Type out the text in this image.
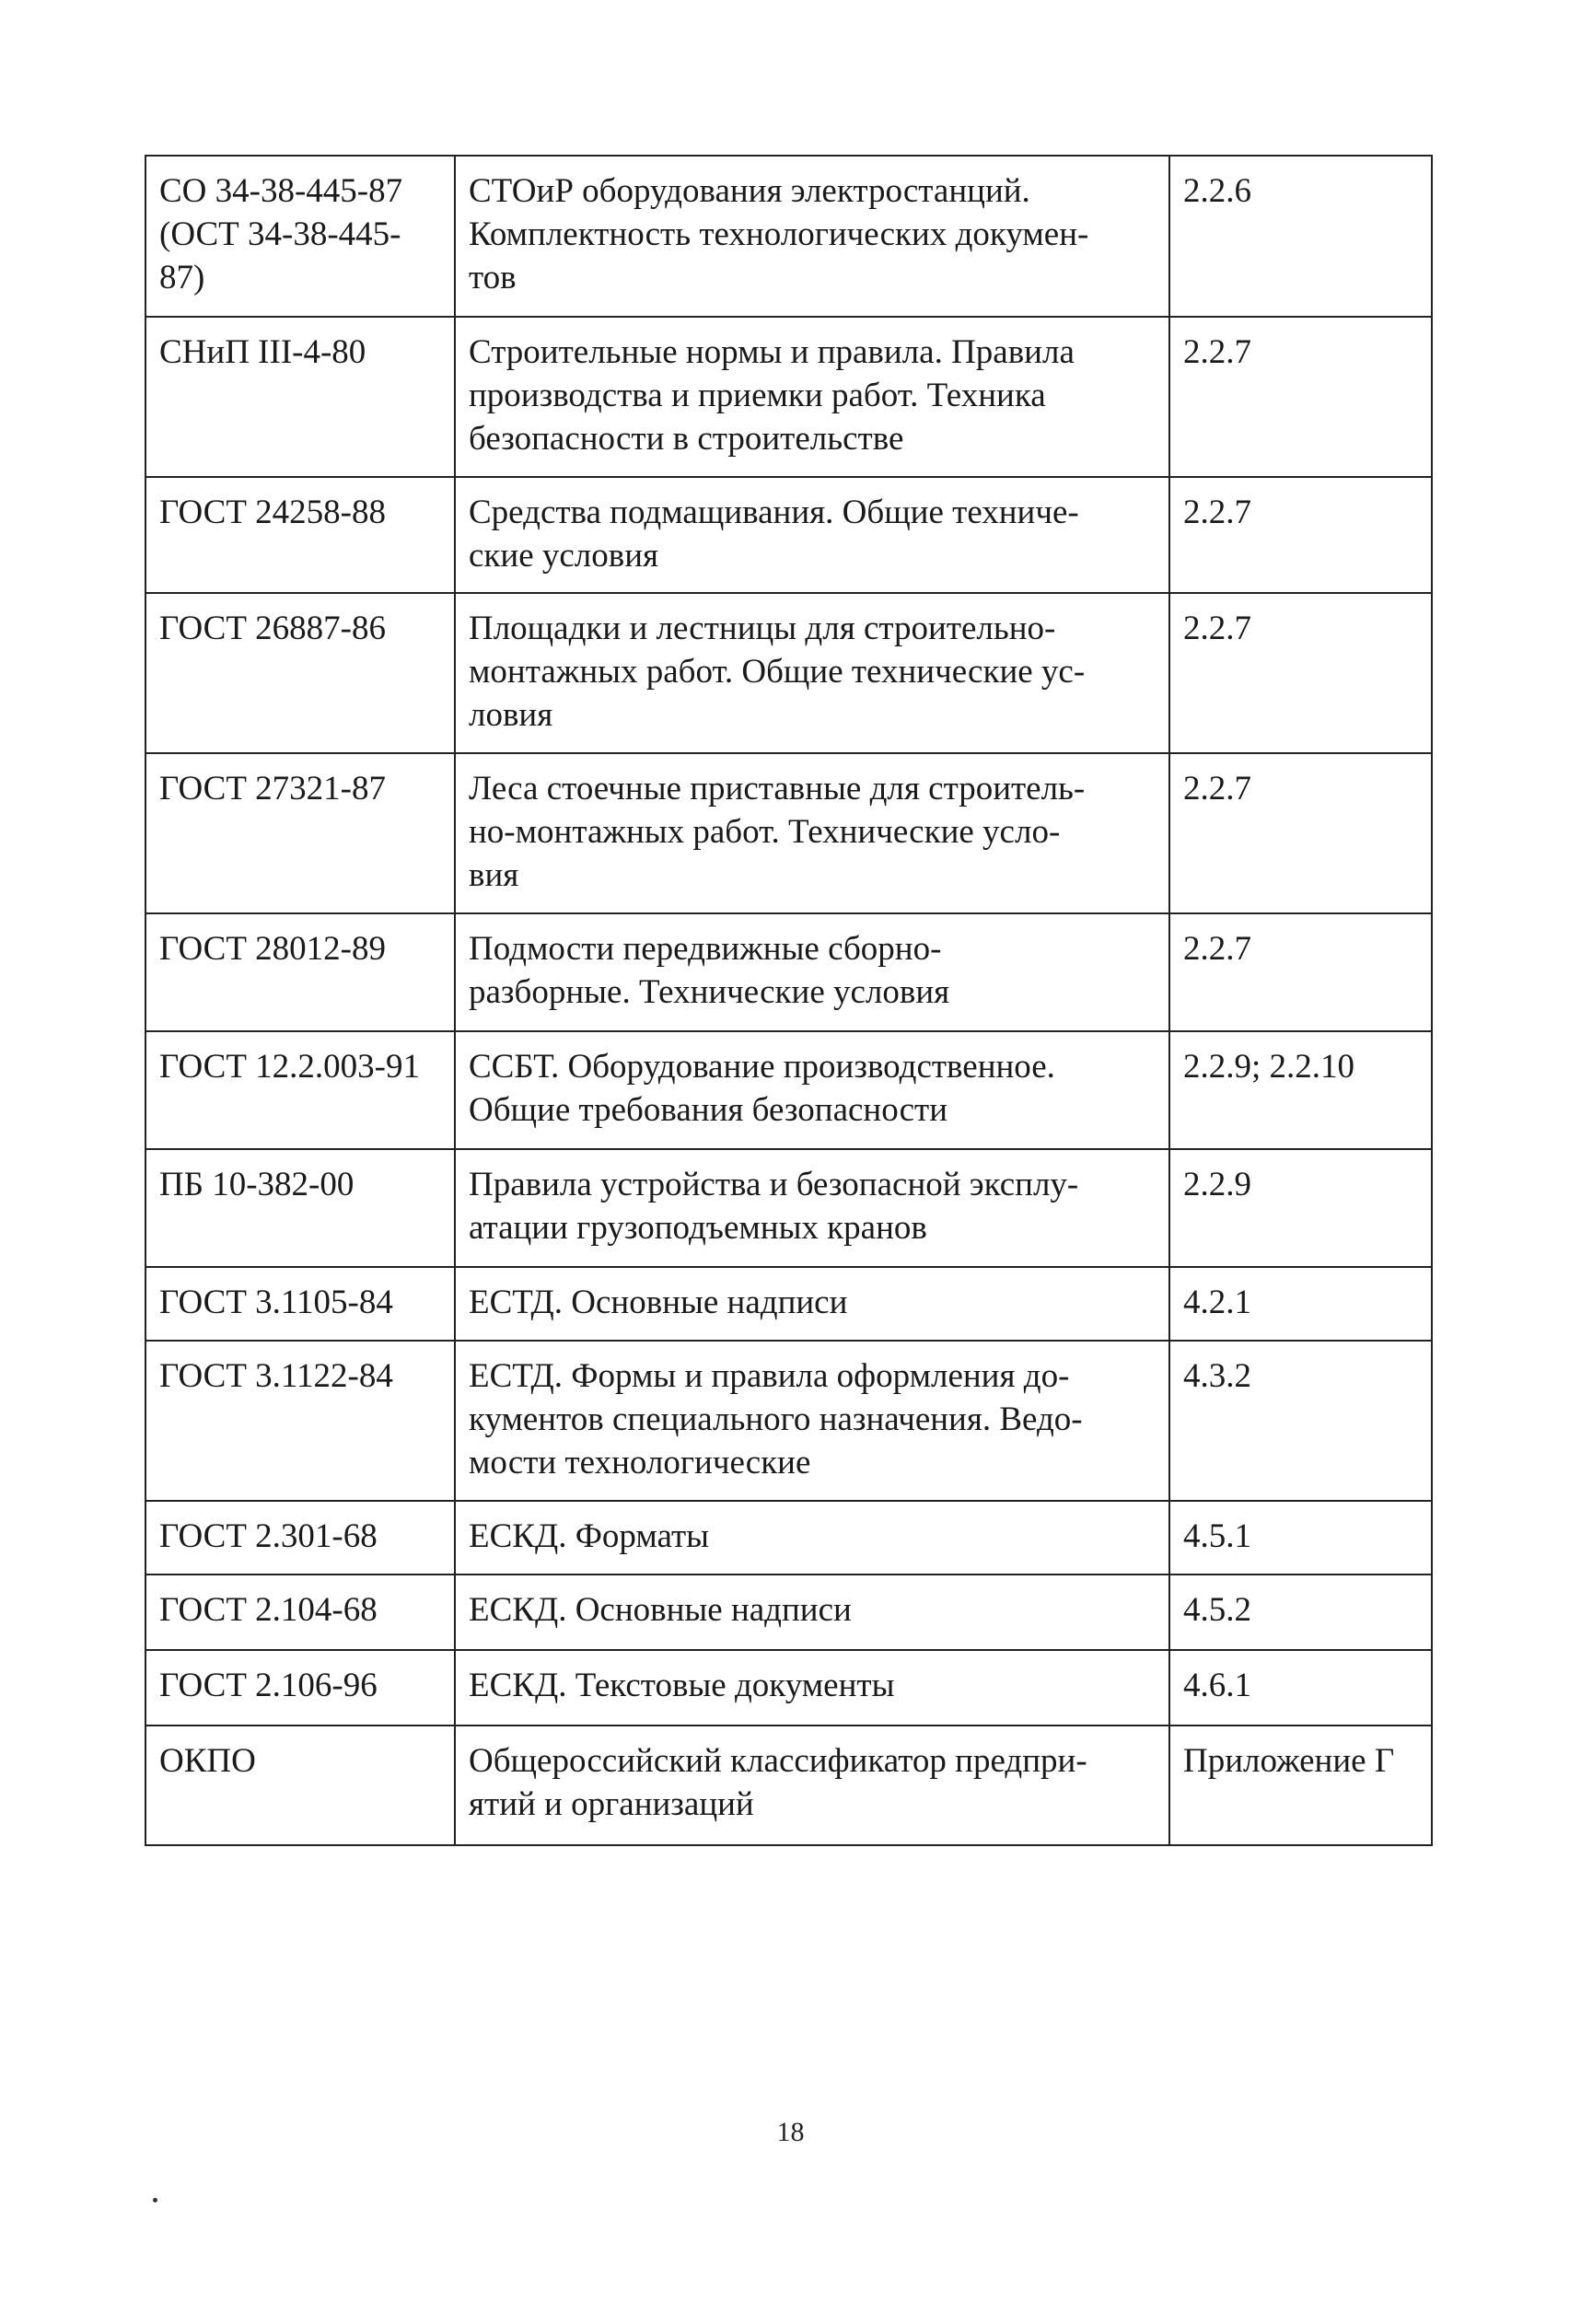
СО 34-38-445-87
(ОСТ 34-38-445-
87)	СТОиР оборудования электростанций.
Комплектность технологических докумен-
тов	2.2.6

СНиП III-4-80	Строительные нормы и правила. Правила
производства и приемки работ. Техника
безопасности в строительстве	2.2.7

ГОСТ 24258-88	Средства подмащивания. Общие техниче-
ские условия	2.2.7

ГОСТ 26887-86	Площадки и лестницы для строительно-
монтажных работ. Общие технические ус-
ловия	2.2.7

ГОСТ 27321-87	Леса стоечные приставные для строитель-
но-монтажных работ. Технические усло-
вия	2.2.7

ГОСТ 28012-89	Подмости передвижные сборно-
разборные. Технические условия	2.2.7

ГОСТ 12.2.003-91	ССБТ. Оборудование производственное.
Общие требования безопасности	2.2.9; 2.2.10

ПБ 10-382-00	Правила устройства и безопасной эксплу-
атации грузоподъемных кранов	2.2.9

ГОСТ 3.1105-84	ЕСТД. Основные надписи	4.2.1

ГОСТ 3.1122-84	ЕСТД. Формы и правила оформления до-
кументов специального назначения. Ведо-
мости технологические	4.3.2

ГОСТ 2.301-68	ЕСКД. Форматы	4.5.1

ГОСТ 2.104-68	ЕСКД. Основные надписи	4.5.2

ГОСТ 2.106-96	ЕСКД. Текстовые документы	4.6.1

ОКПО	Общероссийский классификатор предпри-
ятий и организаций	Приложение Г
18
